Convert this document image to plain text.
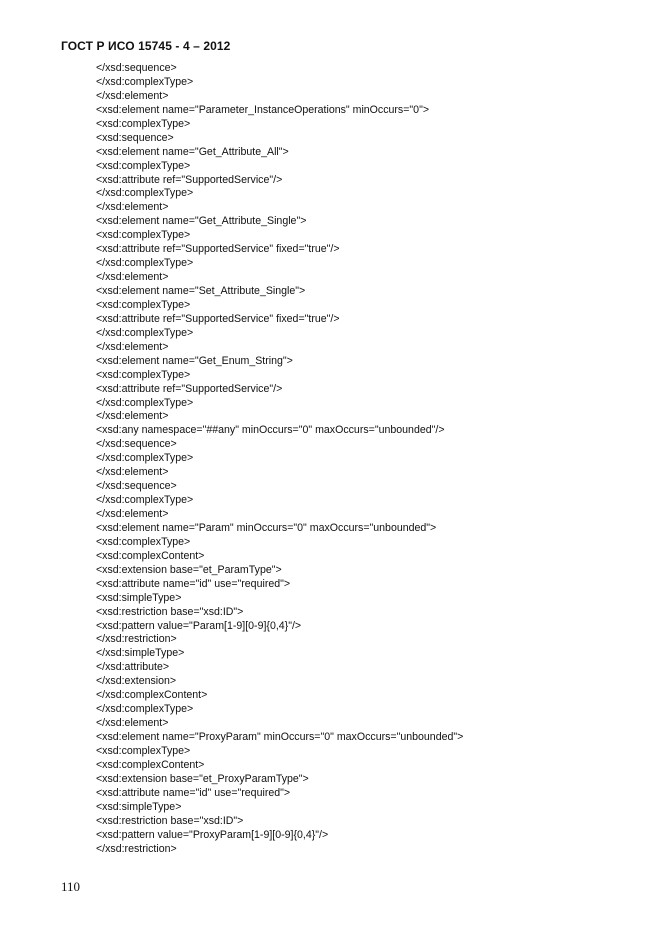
ГОСТ Р ИСО 15745 - 4 – 2012
</xsd:sequence>
</xsd:complexType>
</xsd:element>
<xsd:element name="Parameter_InstanceOperations" minOccurs="0">
<xsd:complexType>
<xsd:sequence>
<xsd:element name="Get_Attribute_All">
<xsd:complexType>
<xsd:attribute ref="SupportedService"/>
</xsd:complexType>
</xsd:element>
<xsd:element name="Get_Attribute_Single">
<xsd:complexType>
<xsd:attribute ref="SupportedService" fixed="true"/>
</xsd:complexType>
</xsd:element>
<xsd:element name="Set_Attribute_Single">
<xsd:complexType>
<xsd:attribute ref="SupportedService" fixed="true"/>
</xsd:complexType>
</xsd:element>
<xsd:element name="Get_Enum_String">
<xsd:complexType>
<xsd:attribute ref="SupportedService"/>
</xsd:complexType>
</xsd:element>
<xsd:any namespace="##any" minOccurs="0" maxOccurs="unbounded"/>
</xsd:sequence>
</xsd:complexType>
</xsd:element>
</xsd:sequence>
</xsd:complexType>
</xsd:element>
<xsd:element name="Param" minOccurs="0" maxOccurs="unbounded">
<xsd:complexType>
<xsd:complexContent>
<xsd:extension base="et_ParamType">
<xsd:attribute name="id" use="required">
<xsd:simpleType>
<xsd:restriction base="xsd:ID">
<xsd:pattern value="Param[1-9][0-9]{0,4}"/>
</xsd:restriction>
</xsd:simpleType>
</xsd:attribute>
</xsd:extension>
</xsd:complexContent>
</xsd:complexType>
</xsd:element>
<xsd:element name="ProxyParam" minOccurs="0" maxOccurs="unbounded">
<xsd:complexType>
<xsd:complexContent>
<xsd:extension base="et_ProxyParamType">
<xsd:attribute name="id" use="required">
<xsd:simpleType>
<xsd:restriction base="xsd:ID">
<xsd:pattern value="ProxyParam[1-9][0-9]{0,4}"/>
</xsd:restriction>
110
